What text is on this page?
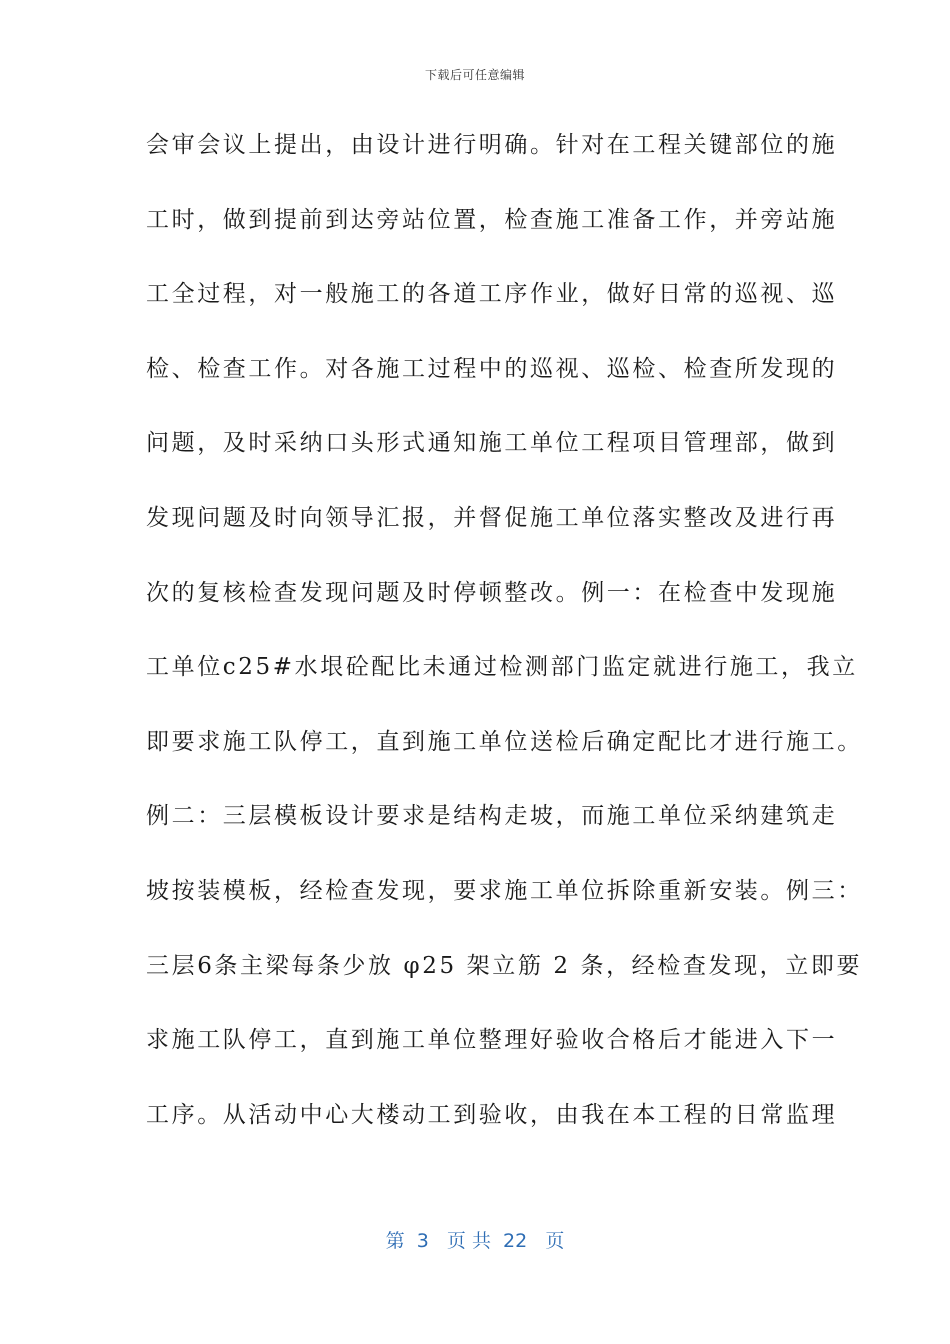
下载后可任意编辑
会审会议上提出，由设计进行明确。针对在工程关键部位的施
工时，做到提前到达旁站位置，检查施工准备工作，并旁站施
工全过程，对一般施工的各道工序作业，做好日常的巡视、巡
检、检查工作。对各施工过程中的巡视、巡检、检查所发现的
问题，及时采纳口头形式通知施工单位工程项目管理部，做到
发现问题及时向领导汇报，并督促施工单位落实整改及进行再
次的复核检查发现问题及时停顿整改。例一：在检查中发现施
工单位c25#水垠砼配比未通过检测部门监定就进行施工，我立
即要求施工队停工，直到施工单位送检后确定配比才进行施工。
例二：三层模板设计要求是结构走坡，而施工单位采纳建筑走
坡按装模板，经检查发现，要求施工单位拆除重新安装。例三：
三层6条主梁每条少放 φ25 架立筋 2 条，经检查发现，立即要
求施工队停工，直到施工单位整理好验收合格后才能进入下一
工序。从活动中心大楼动工到验收，由我在本工程的日常监理
第  3   页 共  22   页
